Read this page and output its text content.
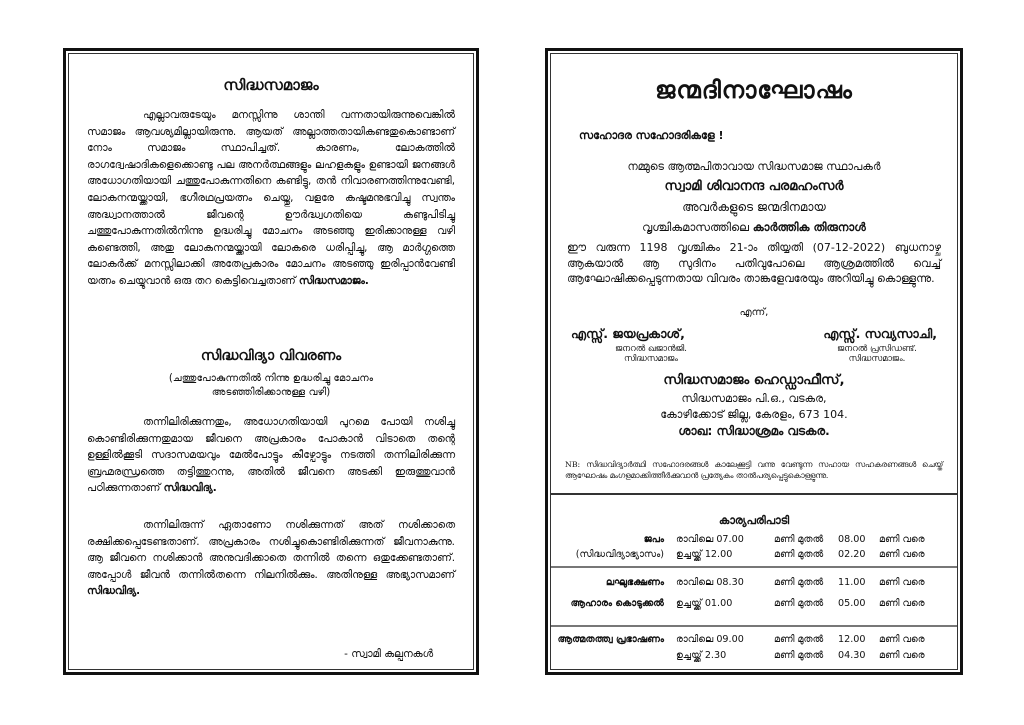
സിദ്ധസമാജം
എല്ലാവരുടേയും മനസ്സിന്നു ശാന്തി വന്നതായിരുന്നുവെങ്കിൽ സമാജം ആവശ്യമില്ലായിരുന്നു. ആയത് അല്ലാത്തതായികണ്ടതുകൊണ്ടാണ് നോം സമാജം സ്ഥാപിച്ചത്. കാരണം, ലോകത്തിൽ രാഗദ്വേഷാദികളെക്കൊണ്ടു പല അനർത്ഥങ്ങളും ലഹളകളും ഉണ്ടായി ജനങ്ങൾ അധോഗതിയായി ചത്തുപോകുന്നതിനെ കണ്ടിട്ടു, തൻ നിവാരണത്തിന്നുവേണ്ടി, ലോകനന്മയ്ക്കായി, ഭഗീരഥപ്രയത്നം ചെയ്തു, വളരേ കഷ്ടമനുഭവിച്ചു സ്വന്തം അദ്ധ്വാനത്താൽ ജീവന്റെ ഊർദ്ധ്വഗതിയെ കണ്ടുപിടിച്ചു ചത്തുപോകുന്നതിൽനിന്നു ഉദ്ധരിച്ചു മോചനം അടഞ്ഞു ഇരിക്കാനുള്ള വഴി കണ്ടെത്തി, അതു ലോകനന്മയ്ക്കായി ലോകരെ ധരിപ്പിച്ചു, ആ മാർഗ്ഗത്തെ ലോകർക്ക് മനസ്സിലാക്കി അതേപ്രകാരം മോചനം അടഞ്ഞു ഇരിപ്പാൻവേണ്ടി യത്നം ചെയ്യുവാൻ ഒരു തറ കെട്ടിവെച്ചതാണ് സിദ്ധസമാജം.
സിദ്ധവിദ്യാ വിവരണം
(ചത്തുപോകുന്നതിൽ നിന്നു ഉദ്ധരിച്ചു മോചനം
അടഞ്ഞിരിക്കാനുള്ള വഴി)
തന്നിലിരിക്കുന്നതും, അധോഗതിയായി പുറമെ പോയി നശിച്ചു കൊണ്ടിരിക്കുന്നതുമായ ജീവനെ അപ്രകാരം പോകാൻ വിടാതെ തന്റെ ഉള്ളിൽക്കൂടി സദാസമയവും മേൽപോട്ടും കീഴ്പോട്ടും നടത്തി തന്നിലിരിക്കുന്ന ബ്രഹ്മരന്ധ്രത്തെ തട്ടിത്തുറന്നു, അതിൽ ജീവനെ അടക്കി ഇരുത്തുവാൻ പഠിക്കുന്നതാണ് സിദ്ധവിദ്യ.
തന്നിലിരുന്ന് ഏതാണോ നശിക്കുന്നത് അത് നശിക്കാതെ രക്ഷിക്കപ്പെടേണ്ടതാണ്. അപ്രകാരം നശിച്ചുകൊണ്ടിരിക്കുന്നത് ജീവനാകുന്നു. ആ ജീവനെ നശിക്കാൻ അനുവദിക്കാതെ തന്നിൽ തന്നെ ഒതുക്കേണ്ടതാണ്. അപ്പോൾ ജീവൻ തന്നിൽതന്നെ നിലനിൽക്കും. അതിനുള്ള അഭ്യാസമാണ് സിദ്ധവിദ്യ.
- സ്വാമി കല്പനകൾ
ജന്മദിനാഘോഷം
സഹോദര സഹോദരികളേ !
നമ്മുടെ ആത്മപിതാവായ സിദ്ധസമാജ സ്ഥാപകർ
സ്വാമി ശിവാനന്ദ പരമഹംസർ
അവർകളുടെ ജന്മദിനമായ
വൃശ്ചികമാസത്തിലെ കാർത്തിക തിരുനാൾ
ഈ വരുന്ന 1198 വൃശ്ചികം 21-ാം തിയ്യതി (07-12-2022) ബുധനാഴ്ച ആകയാൽ ആ സുദിനം പതിവുപോലെ ആശ്രമത്തിൽ വെച്ച് ആഘോഷിക്കപ്പെടുന്നതായ വിവരം താങ്കളേവരേയും അറിയിച്ചു കൊള്ളുന്നു.
എന്ന്,
എസ്സ്. ജയപ്രകാശ്,
ജനറൽ ഖജാൻജി.
സിദ്ധസമാജം
എസ്സ്. സവ്യസാചി,
ജനറൽ പ്രസിഡണ്ട്.
സിദ്ധസമാജം.
സിദ്ധസമാജം ഹെഡ്ഡാഫീസ്,
സിദ്ധസമാജം പി.ഒ., വടകര,
കോഴിക്കോട് ജില്ല, കേരളം, 673 104.
ശാഖ: സിദ്ധാശ്രമം വടകര.
NB: സിദ്ധവിദ്യാർത്ഥി സഹോദരങ്ങൾ കാലേക്കൂട്ടി വന്നു വേണ്ടുന്ന സഹായ സഹകരണങ്ങൾ ചെയ്ത് ആഘോഷം മംഗളമാക്കിത്തീർക്കുവാൻ പ്രത്യേകം താൽപര്യപ്പെട്ടുകൊള്ളുന്നു.
കാര്യപരിപാടി
ജപം രാവിലെ 07.00	മണി മുതൽ 08.00 മണി വരെ
(സിദ്ധവിദ്യാഭ്യാസം) ഉച്ചയ്ക്ക് 12.00	മണി മുതൽ 02.20 മണി വരെ
ലഘുഭക്ഷണം രാവിലെ 08.30	മണി മുതൽ 11.00 മണി വരെ
ആഹാരം കൊടുക്കൽ ഉച്ചയ്ക്ക് 01.00	മണി മുതൽ 05.00 മണി വരെ
ആത്മതത്ത്വ പ്രഭാഷണം രാവിലെ 09.00	മണി മുതൽ 12.00 മണി വരെ
ഉച്ചയ്ക്ക് 2.30	മണി മുതൽ 04.30 മണി വരെ
